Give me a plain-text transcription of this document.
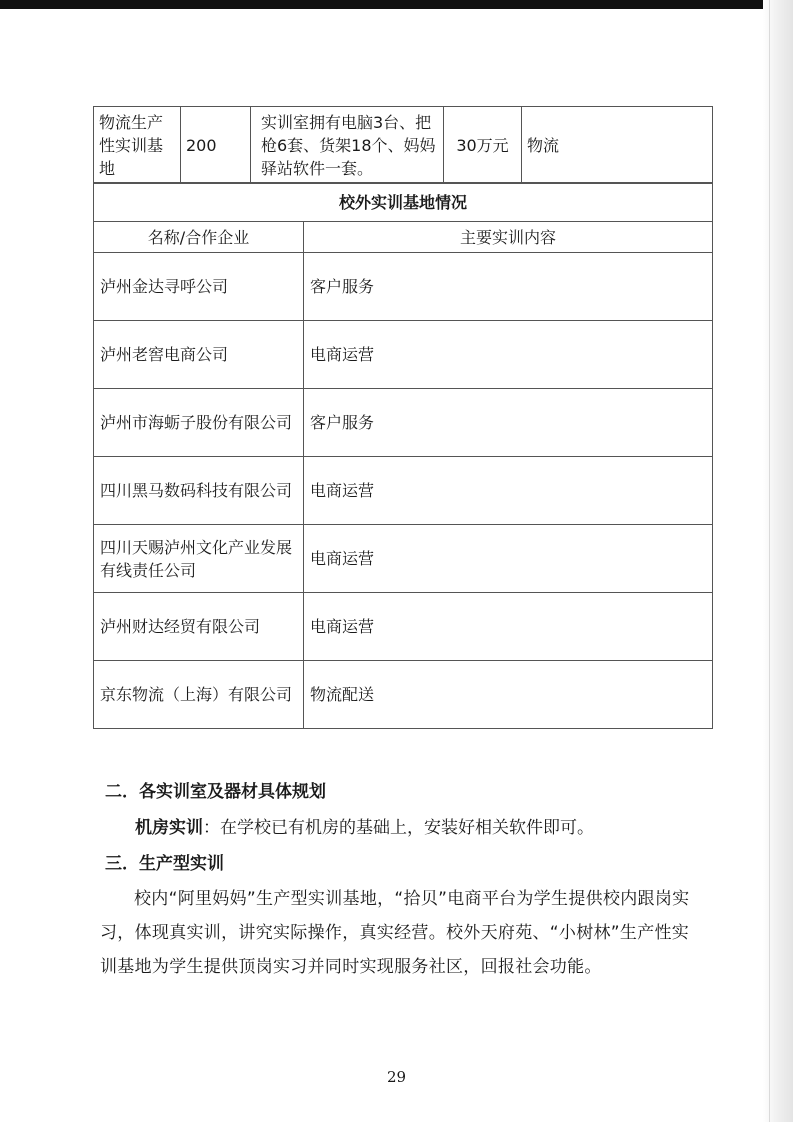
物流生产性实训基地	200	实训室拥有电脑3台、把枪6套、货架18个、妈妈驿站软件一套。	30万元	物流
校外实训基地情况	
名称/合作企业	主要实训内容
泸州金达寻呼公司	客户服务
泸州老窖电商公司	电商运营
泸州市海蛎子股份有限公司	客户服务
四川黑马数码科技有限公司	电商运营
四川天赐泸州文化产业发展有线责任公司	电商运营
泸州财达经贸有限公司	电商运营
京东物流（上海）有限公司	物流配送
二．各实训室及器材具体规划
机房实训：在学校已有机房的基础上，安装好相关软件即可。
三．生产型实训
校内“阿里妈妈”生产型实训基地，“拾贝”电商平台为学生提供校内跟岗实习，体现真实训，讲究实际操作，真实经营。校外天府苑、“小树林”生产性实训基地为学生提供顶岗实习并同时实现服务社区，回报社会功能。
29
